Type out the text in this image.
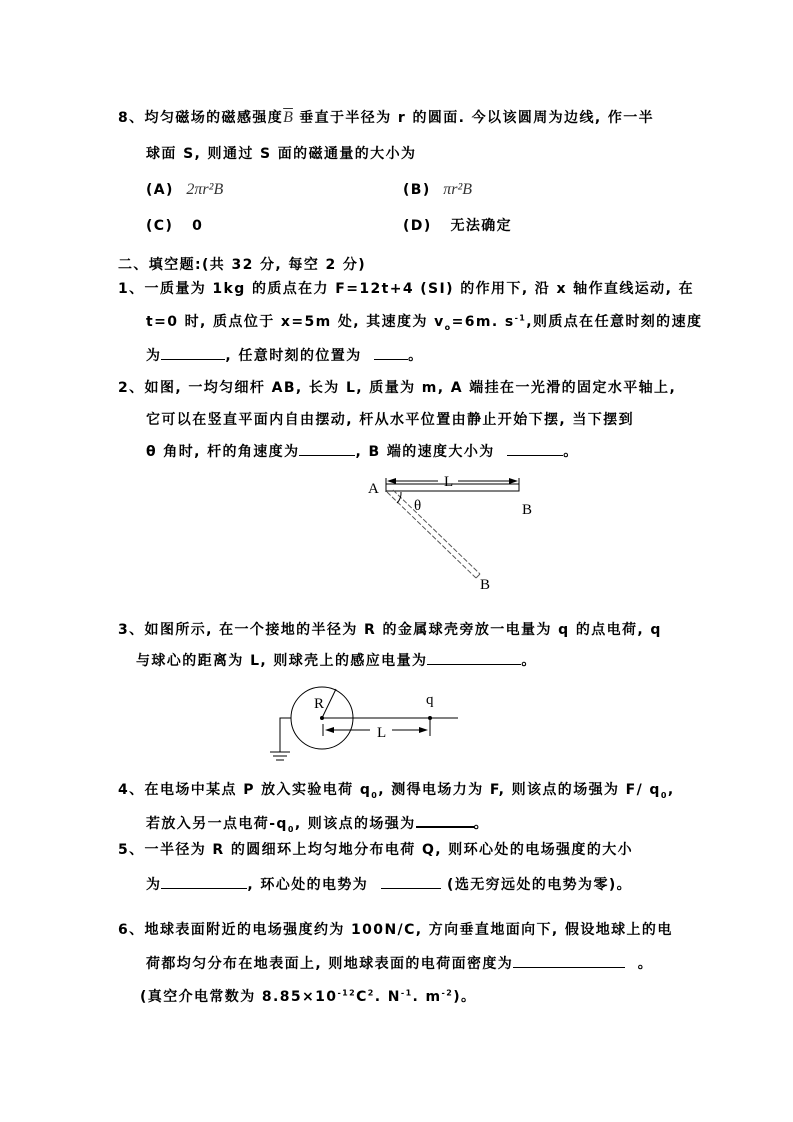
8、均匀磁场的磁感强度$\overline{B}$ 垂直于半径为 r 的圆面. 今以该圆周为边线, 作一半
球面 S, 则通过 S 面的磁通量的大小为
(A) 2πr²B	(B) πr²B
(C) 0	(D) 无法确定
二、填空题:(共 32 分, 每空 2 分)
1、一质量为 1kg 的质点在力 F=12t+4 (SI) 的作用下, 沿 x 轴作直线运动, 在
t=0 时, 质点位于 x=5m 处, 其速度为 $v_o=6m$. $s^{-1}$,则质点在任意时刻的速度
为	, 任意时刻的位置为	。
2、如图, 一均匀细杆 AB, 长为 L, 质量为 m, A 端挂在一光滑的固定水平轴上,
它可以在竖直平面内自由摆动, 杆从水平位置由静止开始下摆, 当下摆到
θ 角时, 杆的角速度为	, B 端的速度大小为	。
A	L
θ	B
B
3、如图所示, 在一个接地的半径为 R 的金属球壳旁放一电量为 q 的点电荷, q
与球心的距离为 L, 则球壳上的感应电量为	。
R	q
L
4、在电场中某点 P 放入实验电荷 $q_0$, 测得电场力为 F, 则该点的场强为 F/ $q_0$,
若放入另一点电荷$-q_0$, 则该点的场强为	。
5、一半径为 R 的圆细环上均匀地分布电荷 Q, 则环心处的电场强度的大小
为	, 环心处的电势为	(选无穷远处的电势为零)。
6、地球表面附近的电场强度约为 100N/C, 方向垂直地面向下, 假设地球上的电
荷都均匀分布在地表面上, 则地球表面的电荷面密度为	。
(真空介电常数为 $8.85\times 10^{-12}C^2$. $N^{-1}$. $m^{-2}$)。
